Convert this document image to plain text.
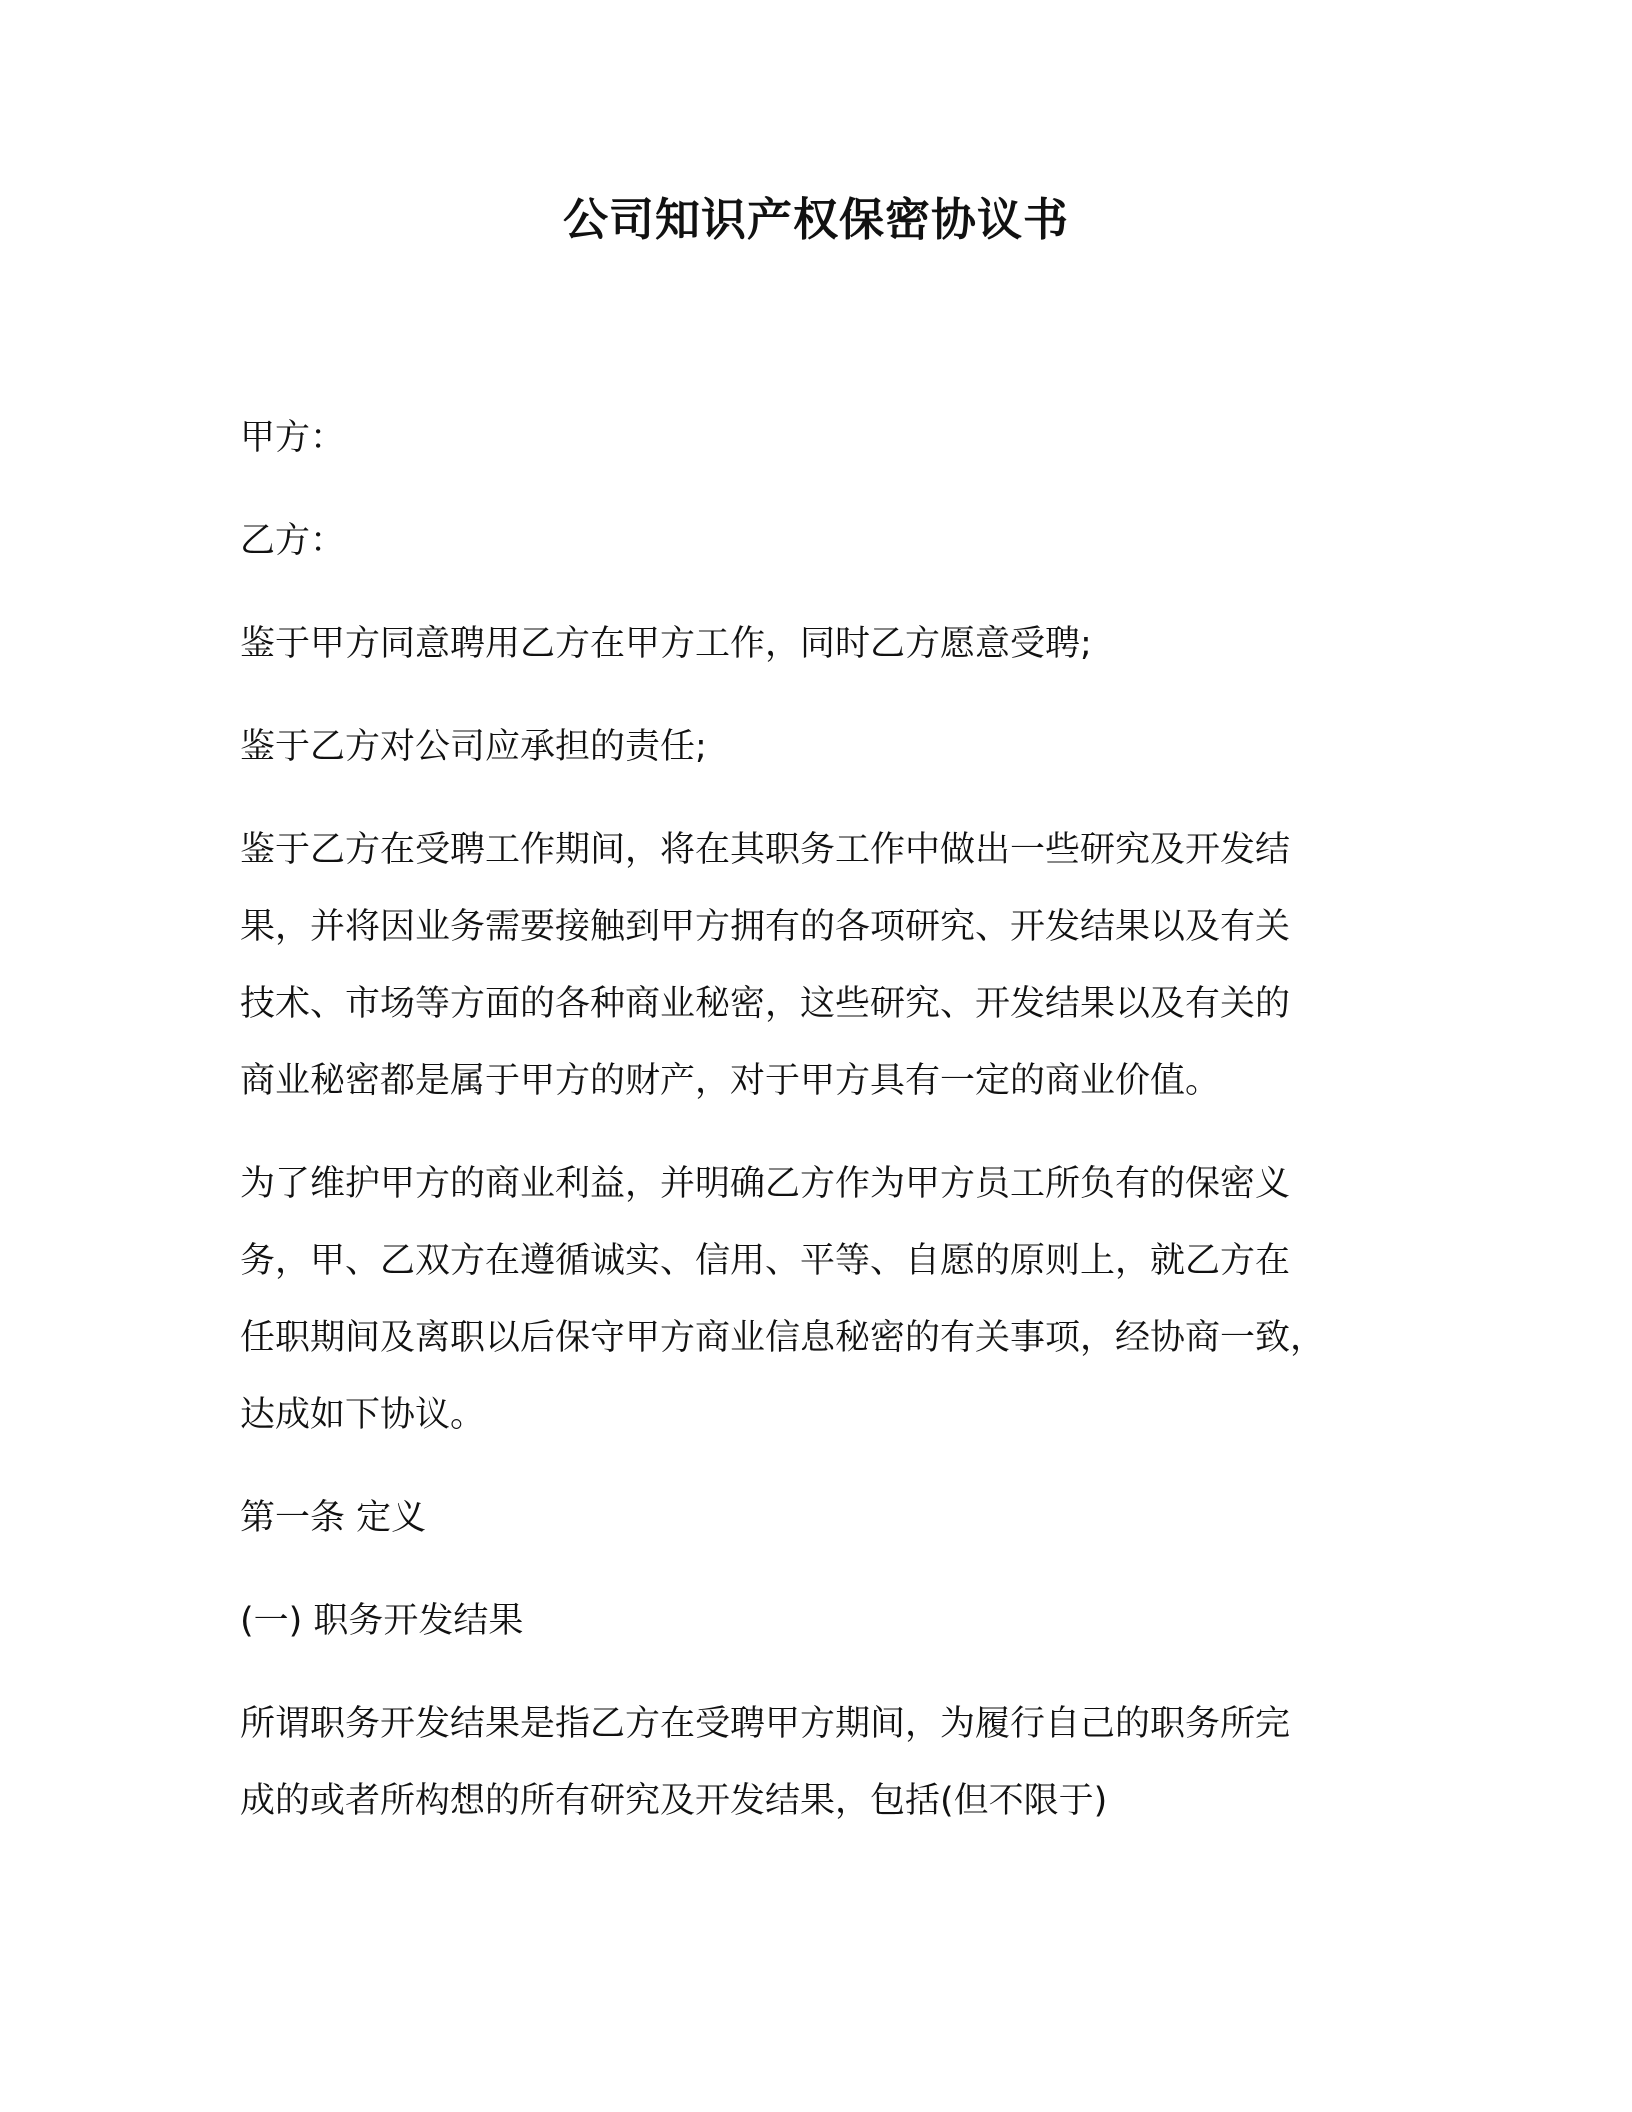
公司知识产权保密协议书
甲方：
乙方：
鉴于甲方同意聘用乙方在甲方工作，同时乙方愿意受聘;
鉴于乙方对公司应承担的责任;
鉴于乙方在受聘工作期间，将在其职务工作中做出一些研究及开发结
果，并将因业务需要接触到甲方拥有的各项研究、开发结果以及有关
技术、市场等方面的各种商业秘密，这些研究、开发结果以及有关的
商业秘密都是属于甲方的财产，对于甲方具有一定的商业价值。
为了维护甲方的商业利益，并明确乙方作为甲方员工所负有的保密义
务，甲、乙双方在遵循诚实、信用、平等、自愿的原则上，就乙方在
任职期间及离职以后保守甲方商业信息秘密的有关事项，经协商一致，
达成如下协议。
第一条 定义
(一) 职务开发结果
所谓职务开发结果是指乙方在受聘甲方期间，为履行自己的职务所完
成的或者所构想的所有研究及开发结果，包括(但不限于)
